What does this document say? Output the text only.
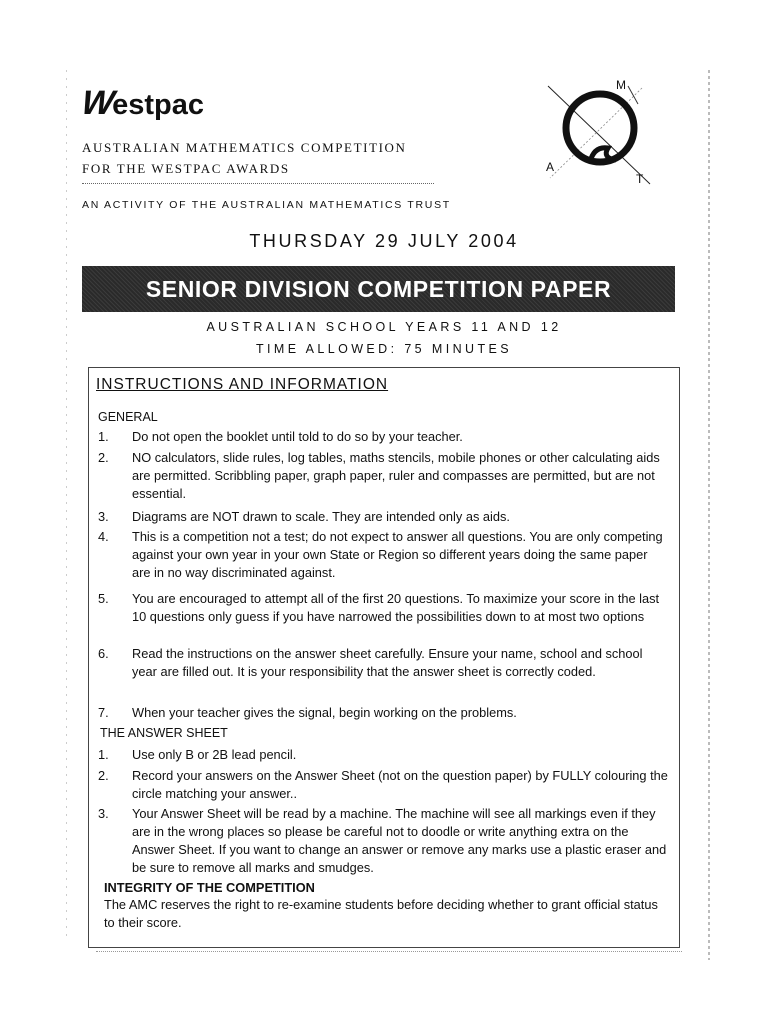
W
estpac
AUSTRALIAN MATHEMATICS COMPETITION
FOR THE WESTPAC AWARDS
AN ACTIVITY OF THE AUSTRALIAN MATHEMATICS TRUST
M
A
T
THURSDAY 29 JULY 2004
SENIOR DIVISION COMPETITION PAPER
AUSTRALIAN SCHOOL YEARS 11 AND 12
TIME ALLOWED: 75 MINUTES
INSTRUCTIONS AND INFORMATION
GENERAL
1.	Do not open the booklet until told to do so by your teacher.
2.	NO calculators, slide rules, log tables, maths stencils, mobile phones or other calculating aids are permitted. Scribbling paper, graph paper, ruler and compasses are permitted, but are not essential.
3.	Diagrams are NOT drawn to scale. They are intended only as aids.
4.	This is a competition not a test; do not expect to answer all questions. You are only competing against your own year in your own State or Region so different years doing the same paper are in no way discriminated against.
5.	You are encouraged to attempt all of the first 20 questions. To maximize your score in the last 10 questions only guess if you have narrowed the possibilities down to at most two options
6.	Read the instructions on the answer sheet carefully. Ensure your name, school and school year are filled out. It is your responsibility that the answer sheet is correctly coded.
7.	When your teacher gives the signal, begin working on the problems.
THE ANSWER SHEET
1.	Use only B or 2B lead pencil.
2.	Record your answers on the Answer Sheet (not on the question paper) by FULLY colouring the circle matching your answer..
3.	Your Answer Sheet will be read by a machine. The machine will see all markings even if they are in the wrong places so please be careful not to doodle or write anything extra on the Answer Sheet. If you want to change an answer or remove any marks use a plastic eraser and be sure to remove all marks and smudges.
INTEGRITY OF THE COMPETITION
The AMC reserves the right to re-examine students before deciding whether to grant official status to their score.
